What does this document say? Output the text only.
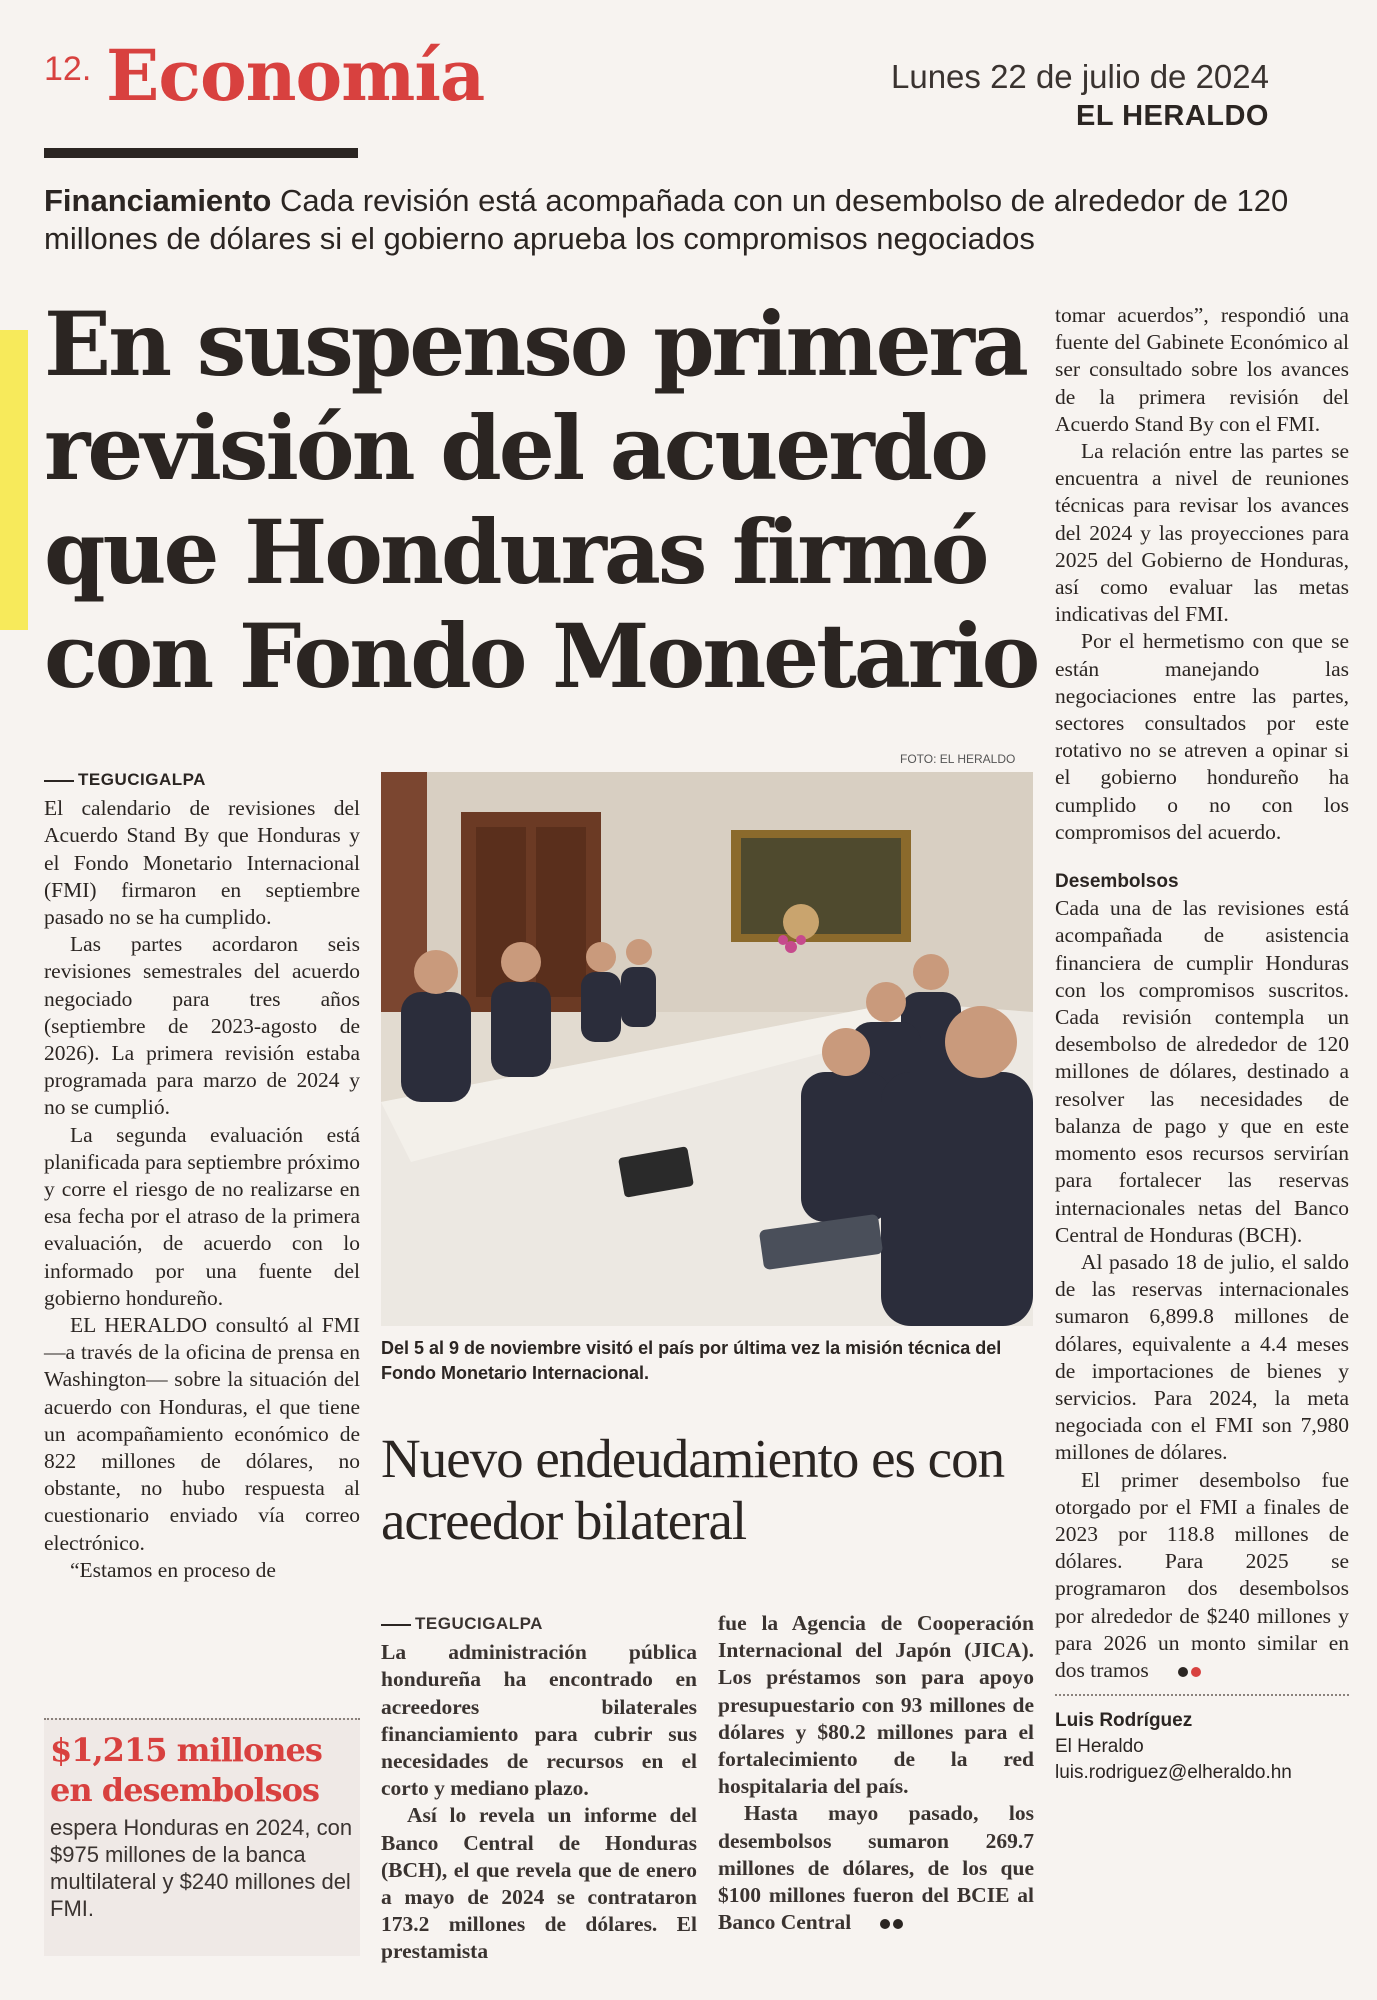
12. Economía	Lunes 22 de julio de 2024
EL HERALDO
Financiamiento Cada revisión está acompañada con un desembolso de alrededor de 120 millones de dólares si el gobierno aprueba los compromisos negociados
En suspenso primera
revisión del acuerdo
que Honduras firmó
con Fondo Monetario
TEGUCIGALPA

El calendario de revisiones del Acuerdo Stand By que Honduras y el Fondo Monetario Internacional (FMI) firmaron en septiembre pasado no se ha cumplido.

Las partes acordaron seis revisiones semestrales del acuerdo negociado para tres años (septiembre de 2023-agosto de 2026). La primera revisión estaba programada para marzo de 2024 y no se cumplió.

La segunda evaluación está planificada para septiembre próximo y corre el riesgo de no realizarse en esa fecha por el atraso de la primera evaluación, de acuerdo con lo informado por una fuente del gobierno hondureño.

EL HERALDO consultó al FMI —a través de la oficina de prensa en Washington— sobre la situación del acuerdo con Honduras, el que tiene un acompañamiento económico de 822 millones de dólares, no obstante, no hubo respuesta al cuestionario enviado vía correo electrónico.

“Estamos en proceso de

$1,215 millones en desembolsos
espera Honduras en 2024, con $975 millones de la banca multilateral y $240 millones del FMI.
FOTO: EL HERALDO
Del 5 al 9 de noviembre visitó el país por última vez la misión técnica del Fondo Monetario Internacional.
Nuevo endeudamiento es con acreedor bilateral
TEGUCIGALPA

La administración pública hondureña ha encontrado en acreedores bilaterales financiamiento para cubrir sus necesidades de recursos en el corto y mediano plazo.

Así lo revela un informe del Banco Central de Honduras (BCH), el que revela que de enero a mayo de 2024 se contrataron 173.2 millones de dólares. El prestamista

fue la Agencia de Cooperación Internacional del Japón (JICA). Los préstamos son para apoyo presupuestario con 93 millones de dólares y $80.2 millones para el fortalecimiento de la red hospitalaria del país.

Hasta mayo pasado, los desembolsos sumaron 269.7 millones de dólares, de los que $100 millones fueron del BCIE al Banco Central

tomar acuerdos”, respondió una fuente del Gabinete Económico al ser consultado sobre los avances de la primera revisión del Acuerdo Stand By con el FMI.

La relación entre las partes se encuentra a nivel de reuniones técnicas para revisar los avances del 2024 y las proyecciones para 2025 del Gobierno de Honduras, así como evaluar las metas indicativas del FMI.

Por el hermetismo con que se están manejando las negociaciones entre las partes, sectores consultados por este rotativo no se atreven a opinar si el gobierno hondureño ha cumplido o no con los compromisos del acuerdo.

Desembolsos

Cada una de las revisiones está acompañada de asistencia financiera de cumplir Honduras con los compromisos suscritos. Cada revisión contempla un desembolso de alrededor de 120 millones de dólares, destinado a resolver las necesidades de balanza de pago y que en este momento esos recursos servirían para fortalecer las reservas internacionales netas del Banco Central de Honduras (BCH).

Al pasado 18 de julio, el saldo de las reservas internacionales sumaron 6,899.8 millones de dólares, equivalente a 4.4 meses de importaciones de bienes y servicios. Para 2024, la meta negociada con el FMI son 7,980 millones de dólares.

El primer desembolso fue otorgado por el FMI a finales de 2023 por 118.8 millones de dólares. Para 2025 se programaron dos desembolsos por alrededor de $240 millones y para 2026 un monto similar en dos tramos

Luis Rodríguez
El Heraldo
luis.rodriguez@elheraldo.hn
